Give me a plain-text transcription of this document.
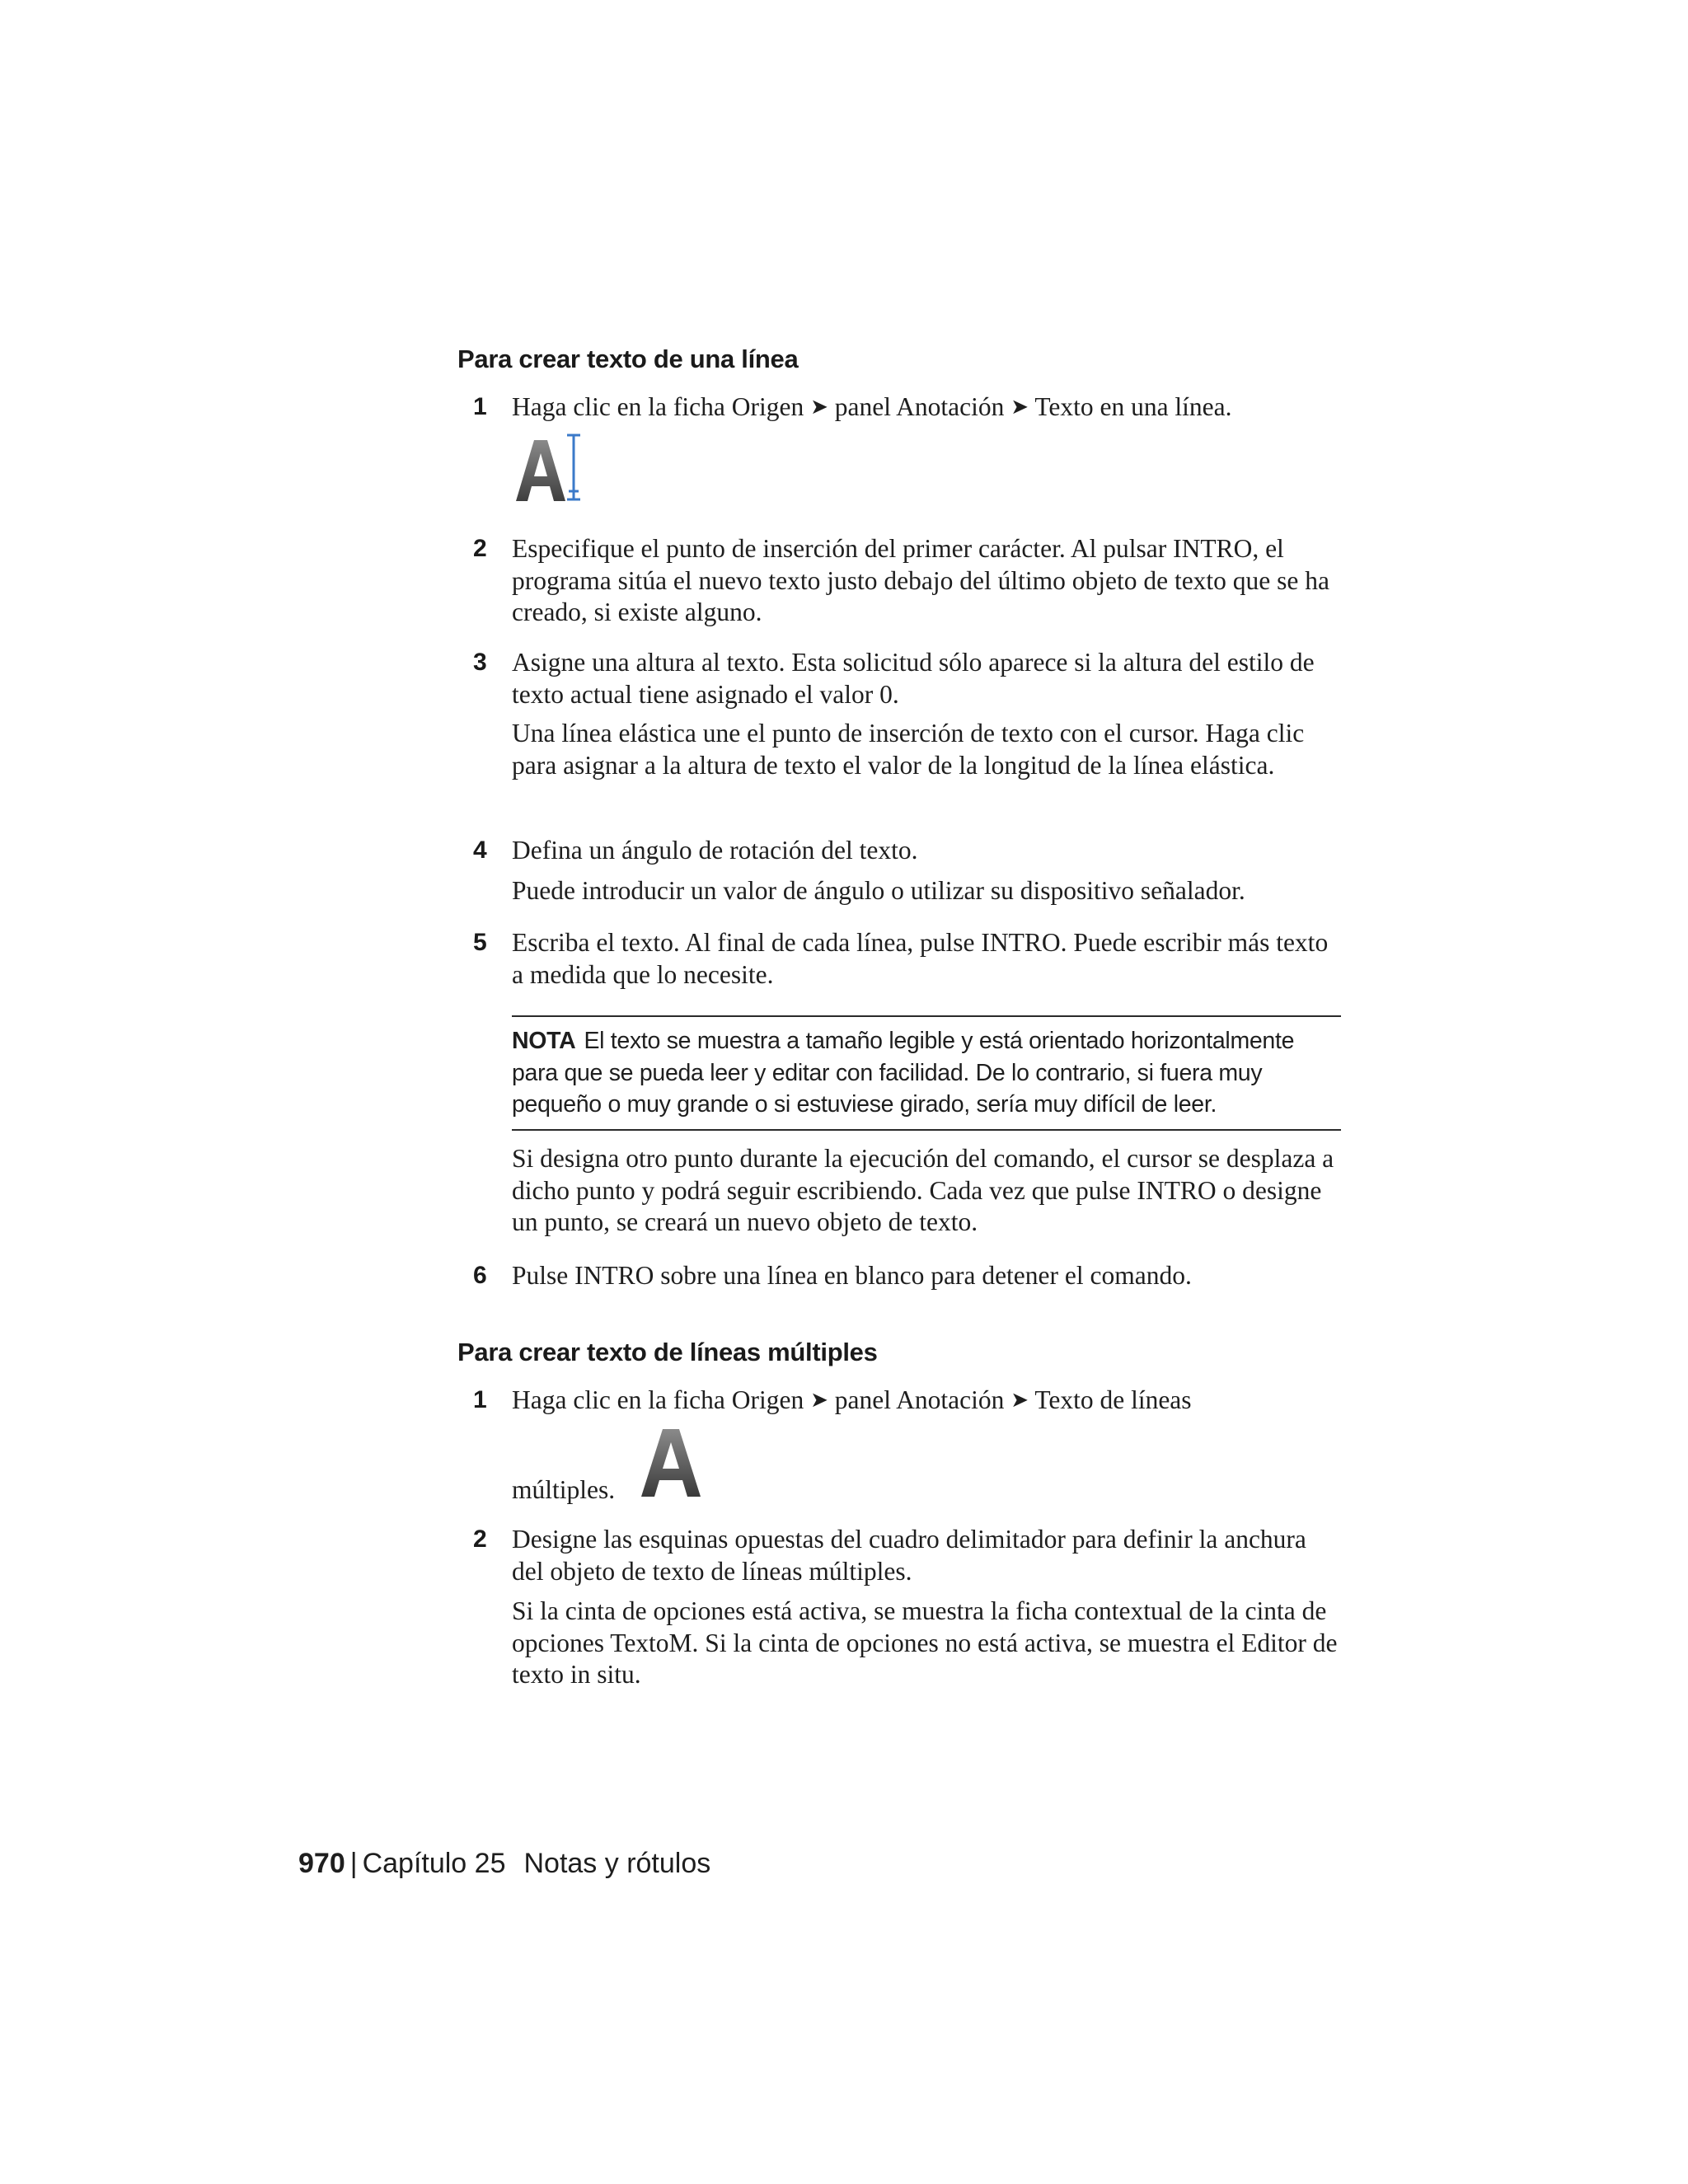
Para crear texto de una línea
1 Haga clic en la ficha Origen ➤ panel Anotación ➤ Texto en una línea.
2 Especifique el punto de inserción del primer carácter. Al pulsar INTRO, el programa sitúa el nuevo texto justo debajo del último objeto de texto que se ha creado, si existe alguno.
3 Asigne una altura al texto. Esta solicitud sólo aparece si la altura del estilo de texto actual tiene asignado el valor 0.
Una línea elástica une el punto de inserción de texto con el cursor. Haga clic para asignar a la altura de texto el valor de la longitud de la línea elástica.
4 Defina un ángulo de rotación del texto.
Puede introducir un valor de ángulo o utilizar su dispositivo señalador.
5 Escriba el texto. Al final de cada línea, pulse INTRO. Puede escribir más texto a medida que lo necesite.
NOTA El texto se muestra a tamaño legible y está orientado horizontalmente para que se pueda leer y editar con facilidad. De lo contrario, si fuera muy pequeño o muy grande o si estuviese girado, sería muy difícil de leer.
Si designa otro punto durante la ejecución del comando, el cursor se desplaza a dicho punto y podrá seguir escribiendo. Cada vez que pulse INTRO o designe un punto, se creará un nuevo objeto de texto.
6 Pulse INTRO sobre una línea en blanco para detener el comando.
Para crear texto de líneas múltiples
1 Haga clic en la ficha Origen ➤ panel Anotación ➤ Texto de líneas
múltiples.
2 Designe las esquinas opuestas del cuadro delimitador para definir la anchura del objeto de texto de líneas múltiples.
Si la cinta de opciones está activa, se muestra la ficha contextual de la cinta de opciones TextoM. Si la cinta de opciones no está activa, se muestra el Editor de texto in situ.
970 | Capítulo 25 Notas y rótulos
